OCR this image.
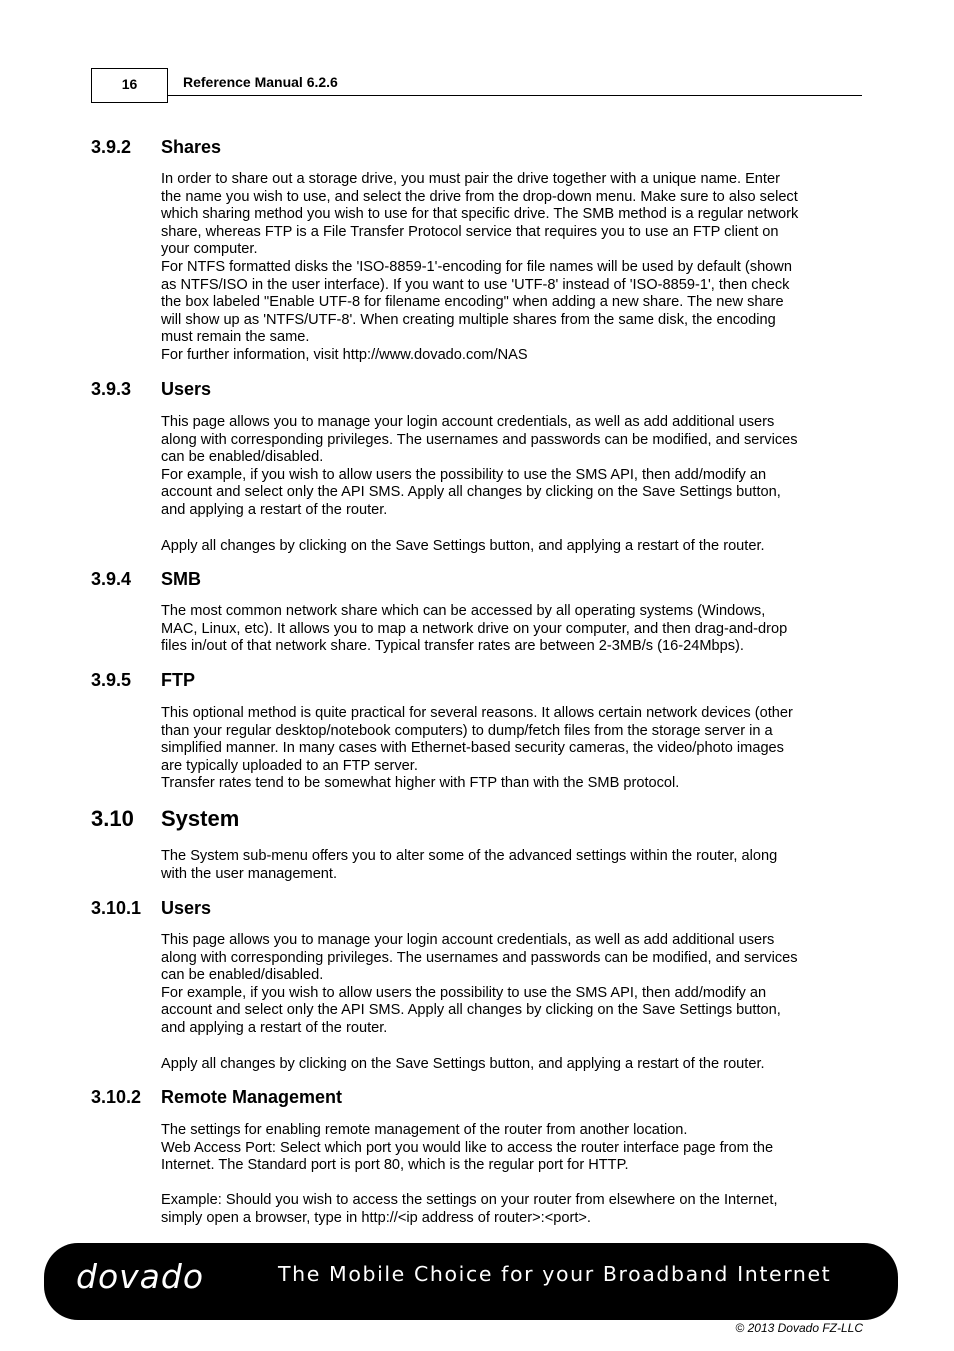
16	Reference Manual 6.2.6
3.9.2 Shares
In order to share out a storage drive, you must pair the drive together with a unique name. Enter
the name you wish to use, and select the drive from the drop-down menu. Make sure to also select
which sharing method you wish to use for that specific drive. The SMB method is a regular network
share, whereas FTP is a File Transfer Protocol service that requires you to use an FTP client on
your computer.
For NTFS formatted disks the 'ISO-8859-1'-encoding for file names will be used by default (shown
as NTFS/ISO in the user interface). If you want to use 'UTF-8' instead of 'ISO-8859-1', then check
the box labeled "Enable UTF-8 for filename encoding" when adding a new share. The new share
will show up as 'NTFS/UTF-8'. When creating multiple shares from the same disk, the encoding
must remain the same.
For further information, visit http://www.dovado.com/NAS
3.9.3 Users
This page allows you to manage your login account credentials, as well as add additional users
along with corresponding privileges. The usernames and passwords can be modified, and services
can be enabled/disabled.
For example, if you wish to allow users the possibility to use the SMS API, then add/modify an
account and select only the API SMS. Apply all changes by clicking on the Save Settings button,
and applying a restart of the router.
Apply all changes by clicking on the Save Settings button, and applying a restart of the router.
3.9.4 SMB
The most common network share which can be accessed by all operating systems (Windows,
MAC, Linux, etc). It allows you to map a network drive on your computer, and then drag-and-drop
files in/out of that network share. Typical transfer rates are between 2-3MB/s (16-24Mbps).
3.9.5 FTP
This optional method is quite practical for several reasons. It allows certain network devices (other
than your regular desktop/notebook computers) to dump/fetch files from the storage server in a
simplified manner. In many cases with Ethernet-based security cameras, the video/photo images
are typically uploaded to an FTP server.
Transfer rates tend to be somewhat higher with FTP than with the SMB protocol.
3.10 System
The System sub-menu offers you to alter some of the advanced settings within the router, along
with the user management.
3.10.1 Users
This page allows you to manage your login account credentials, as well as add additional users
along with corresponding privileges. The usernames and passwords can be modified, and services
can be enabled/disabled.
For example, if you wish to allow users the possibility to use the SMS API, then add/modify an
account and select only the API SMS. Apply all changes by clicking on the Save Settings button,
and applying a restart of the router.
Apply all changes by clicking on the Save Settings button, and applying a restart of the router.
3.10.2 Remote Management
The settings for enabling remote management of the router from another location.
Web Access Port: Select which port you would like to access the router interface page from the
Internet. The Standard port is port 80, which is the regular port for HTTP.
Example: Should you wish to access the settings on your router from elsewhere on the Internet,
simply open a browser, type in http://<ip address of router>:<port>.
dovado	The Mobile Choice for your Broadband Internet
© 2013 Dovado FZ-LLC
